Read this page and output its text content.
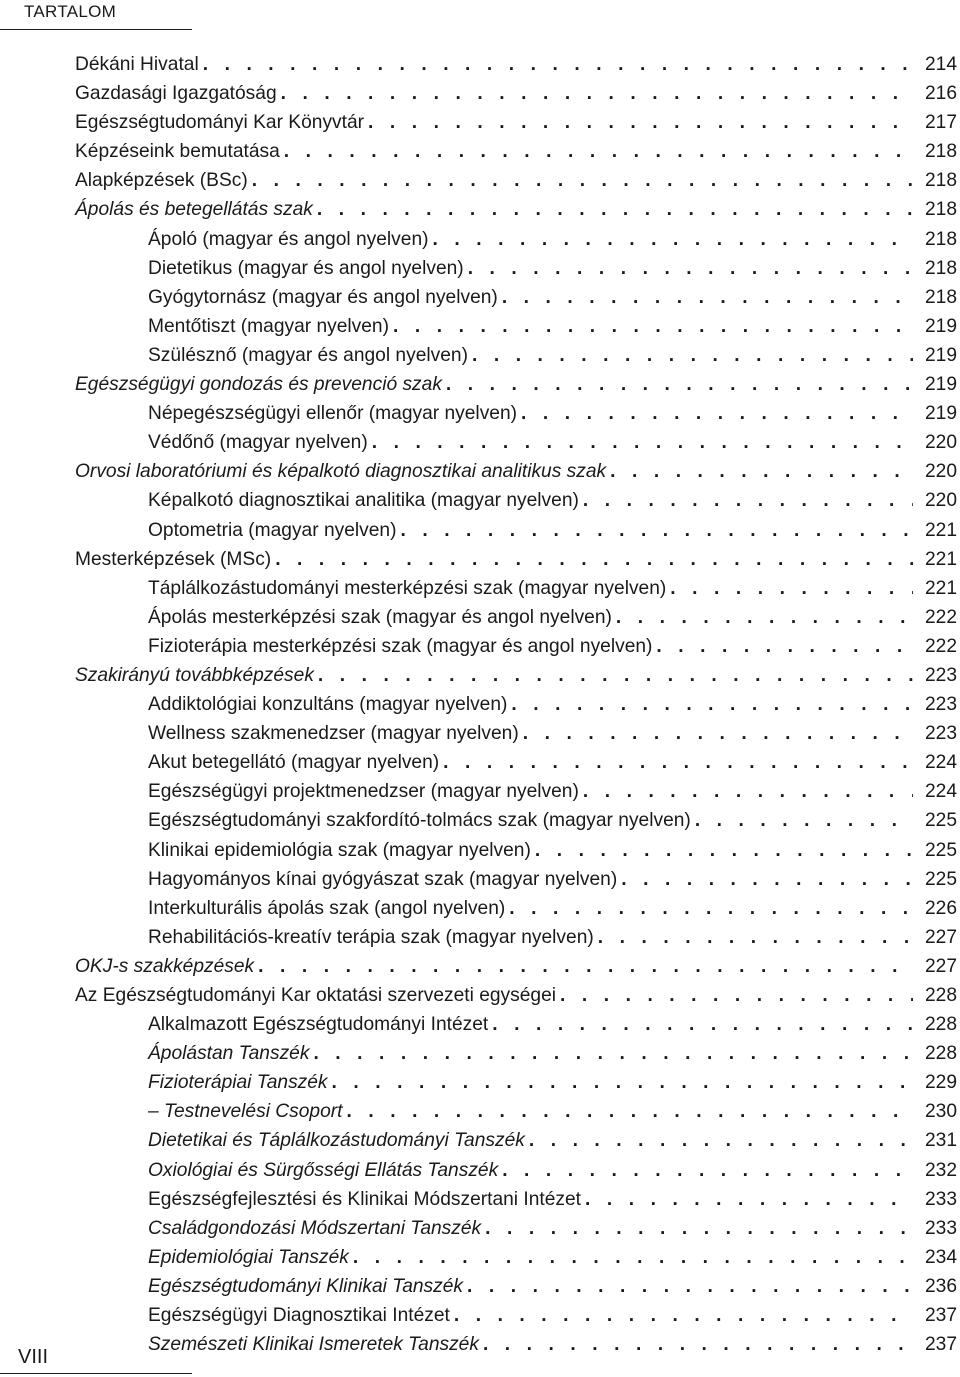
TARTALOM
Dékáni Hivatal . . .	214
Gazdasági Igazgatóság . . .	216
Egészségtudományi Kar Könyvtár . . .	217
Képzéseink bemutatása . . .	218
Alapképzések (BSc) . . .	218
Ápolás és betegellátás szak . . .	218
Ápoló (magyar és angol nyelven) . . .	218
Dietetikus (magyar és angol nyelven) . . .	218
Gyógytornász (magyar és angol nyelven) . . .	218
Mentőtiszt (magyar nyelven) . . .	219
Szülésznő (magyar és angol nyelven) . . .	219
Egészségügyi gondozás és prevenció szak . . .	219
Népegészségügyi ellenőr (magyar nyelven) . . .	219
Védőnő (magyar nyelven) . . .	220
Orvosi laboratóriumi és képalkotó diagnosztikai analitikus szak . . .	220
Képalkotó diagnosztikai analitika (magyar nyelven) . . .	220
Optometria (magyar nyelven) . . .	221
Mesterképzések (MSc) . . .	221
Táplálkozástudományi mesterképzési szak (magyar nyelven) . . .	221
Ápolás mesterképzési szak (magyar és angol nyelven) . . .	222
Fizioterápia mesterképzési szak (magyar és angol nyelven) . . .	222
Szakirányú továbbképzések . . .	223
Addiktológiai konzultáns (magyar nyelven) . . .	223
Wellness szakmenedzser (magyar nyelven) . . .	223
Akut betegellátó (magyar nyelven) . . .	224
Egészségügyi projektmenedzser (magyar nyelven) . . .	224
Egészségtudományi szakfordító-tolmács szak (magyar nyelven) . . .	225
Klinikai epidemiológia szak (magyar nyelven) . . .	225
Hagyományos kínai gyógyászat szak (magyar nyelven) . . .	225
Interkulturális ápolás szak (angol nyelven) . . .	226
Rehabilitációs-kreatív terápia szak (magyar nyelven) . . .	227
OKJ-s szakképzések . . .	227
Az Egészségtudományi Kar oktatási szervezeti egységei . . .	228
Alkalmazott Egészségtudományi Intézet . . .	228
Ápolástan Tanszék . . .	228
Fizioterápiai Tanszék . . .	229
– Testnevelési Csoport . . .	230
Dietetikai és Táplálkozástudományi Tanszék . . .	231
Oxiológiai és Sürgősségi Ellátás Tanszék . . .	232
Egészségfejlesztési és Klinikai Módszertani Intézet . . .	233
Családgondozási Módszertani Tanszék . . .	233
Epidemiológiai Tanszék . . .	234
Egészségtudományi Klinikai Tanszék . . .	236
Egészségügyi Diagnosztikai Intézet . . .	237
Szemészeti Klinikai Ismeretek Tanszék . . .	237
VIII
